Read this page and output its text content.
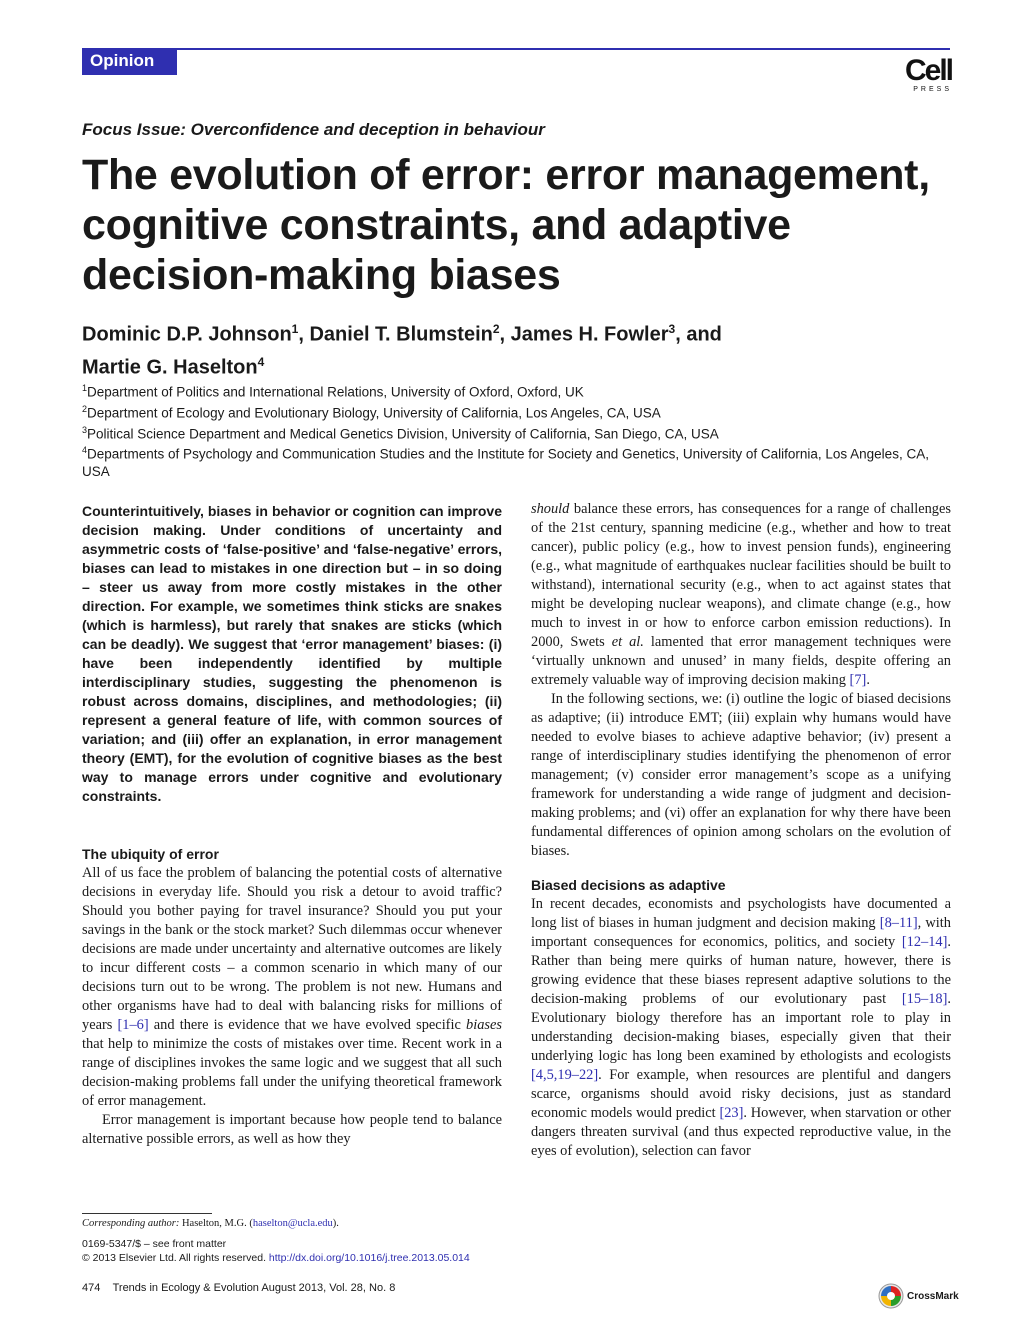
Opinion	Cell
PRESS
Focus Issue: Overconfidence and deception in behaviour
The evolution of error: error management, cognitive constraints, and adaptive decision-making biases
Dominic D.P. Johnson$^1$, Daniel T. Blumstein$^2$, James H. Fowler$^3$, and
Martie G. Haselton$^4$
$^1$Department of Politics and International Relations, University of Oxford, Oxford, UK
$^2$Department of Ecology and Evolutionary Biology, University of California, Los Angeles, CA, USA
$^3$Political Science Department and Medical Genetics Division, University of California, San Diego, CA, USA
$^4$Departments of Psychology and Communication Studies and the Institute for Society and Genetics, University of California, Los Angeles, CA, USA
Counterintuitively, biases in behavior or cognition can improve decision making. Under conditions of uncertainty and asymmetric costs of ‘false-positive’ and ‘false-negative’ errors, biases can lead to mistakes in one direction but – in so doing – steer us away from more costly mistakes in the other direction. For example, we sometimes think sticks are snakes (which is harmless), but rarely that snakes are sticks (which can be deadly). We suggest that ‘error management’ biases: (i) have been independently identified by multiple interdisciplinary studies, suggesting the phenomenon is robust across domains, disciplines, and methodologies; (ii) represent a general feature of life, with common sources of variation; and (iii) offer an explanation, in error management theory (EMT), for the evolution of cognitive biases as the best way to manage errors under cognitive and evolutionary constraints.
The ubiquity of error

All of us face the problem of balancing the potential costs of alternative decisions in everyday life. Should you risk a detour to avoid traffic? Should you bother paying for travel insurance? Should you put your savings in the bank or the stock market? Such dilemmas occur whenever decisions are made under uncertainty and alternative outcomes are likely to incur different costs – a common scenario in which many of our decisions turn out to be wrong. The problem is not new. Humans and other organisms have had to deal with balancing risks for millions of years [1–6] and there is evidence that we have evolved specific biases that help to minimize the costs of mistakes over time. Recent work in a range of disciplines invokes the same logic and we suggest that all such decision-making problems fall under the unifying theoretical framework of error management.

Error management is important because how people tend to balance alternative possible errors, as well as how they

should balance these errors, has consequences for a range of challenges of the 21st century, spanning medicine (e.g., whether and how to treat cancer), public policy (e.g., how to invest pension funds), engineering (e.g., what magnitude of earthquakes nuclear facilities should be built to withstand), international security (e.g., when to act against states that might be developing nuclear weapons), and climate change (e.g., how much to invest in or how to enforce carbon emission reductions). In 2000, Swets et al. lamented that error management techniques were ‘virtually unknown and unused’ in many fields, despite offering an extremely valuable way of improving decision making [7].

In the following sections, we: (i) outline the logic of biased decisions as adaptive; (ii) introduce EMT; (iii) explain why humans would have needed to evolve biases to achieve adaptive behavior; (iv) present a range of interdisciplinary studies identifying the phenomenon of error management; (v) consider error management’s scope as a unifying framework for understanding a wide range of judgment and decision-making problems; and (vi) offer an explanation for why there have been fundamental differences of opinion among scholars on the evolution of biases.

Biased decisions as adaptive

In recent decades, economists and psychologists have documented a long list of biases in human judgment and decision making [8–11], with important consequences for economics, politics, and society [12–14]. Rather than being mere quirks of human nature, however, there is growing evidence that these biases represent adaptive solutions to the decision-making problems of our evolutionary past [15–18]. Evolutionary biology therefore has an important role to play in understanding decision-making biases, especially given that their underlying logic has long been examined by ethologists and ecologists [4,5,19–22]. For example, when resources are plentiful and dangers scarce, organisms should avoid risky decisions, just as standard economic models would predict [23]. However, when starvation or other dangers threaten survival (and thus expected reproductive value, in the eyes of evolution), selection can favor

Corresponding author: Haselton, M.G. (haselton@ucla.edu).
0169-5347/$ – see front matter
© 2013 Elsevier Ltd. All rights reserved. http://dx.doi.org/10.1016/j.tree.2013.05.014
474 Trends in Ecology & Evolution August 2013, Vol. 28, No. 8
CrossMark
